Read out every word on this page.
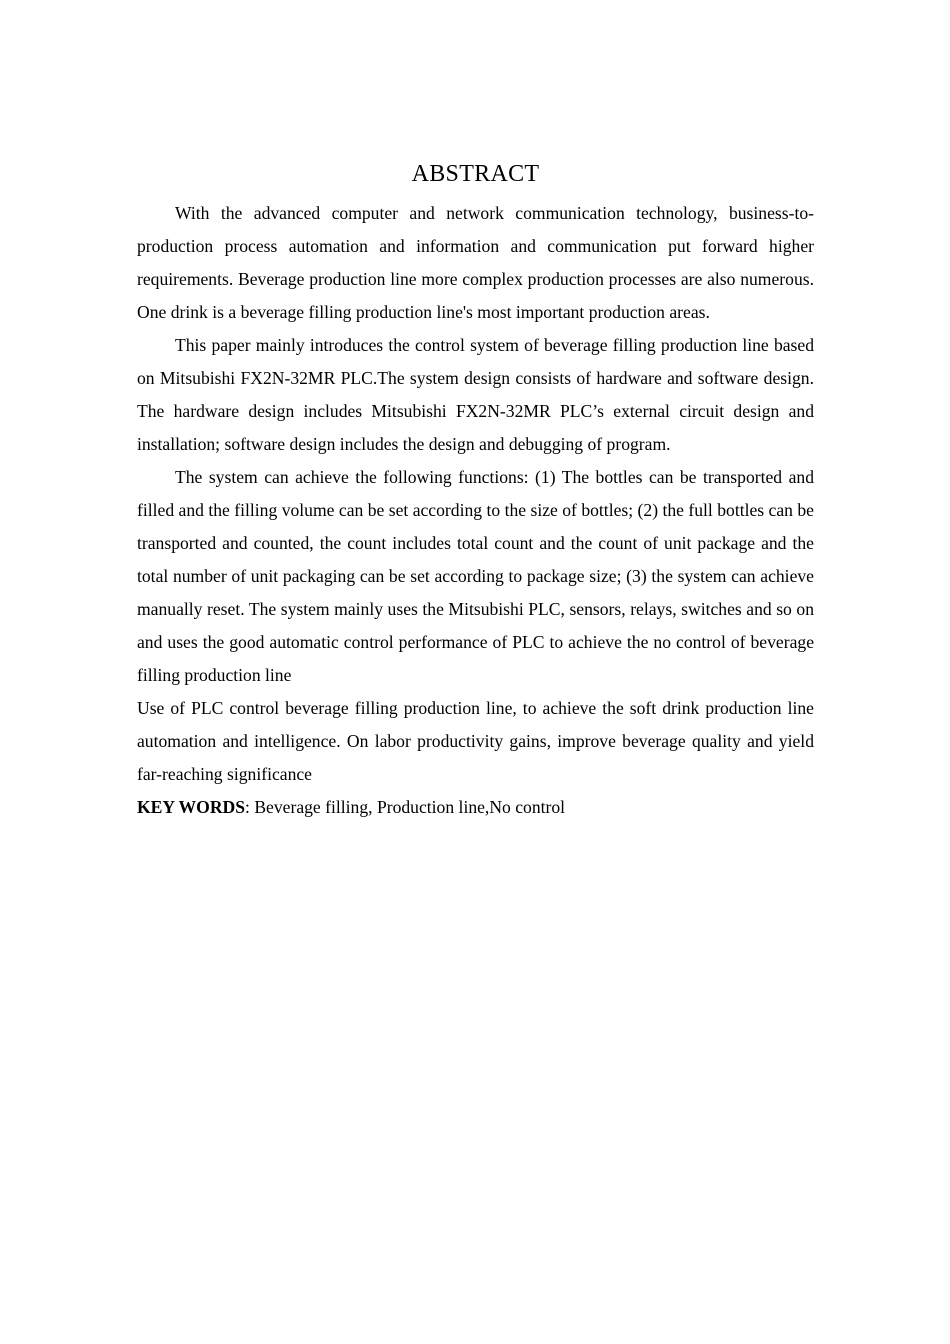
ABSTRACT

With the advanced computer and network communication technology, business-to-production process automation and information and communication put forward higher requirements. Beverage production line more complex production processes are also numerous. One drink is a beverage filling production line's most important production areas.

This paper mainly introduces the control system of beverage filling production line based on Mitsubishi FX2N-32MR PLC.The system design consists of hardware and software design. The hardware design includes Mitsubishi FX2N-32MR PLC’s external circuit design and installation; software design includes the design and debugging of program.

The system can achieve the following functions: (1) The bottles can be transported and filled and the filling volume can be set according to the size of bottles; (2) the full bottles can be transported and counted, the count includes total count and the count of unit package and the total number of unit packaging can be set according to package size; (3) the system can achieve manually reset. The system mainly uses the Mitsubishi PLC, sensors, relays, switches and so on and uses the good automatic control performance of PLC to achieve the no control of beverage filling production line

Use of PLC control beverage filling production line, to achieve the soft drink production line automation and intelligence. On labor productivity gains, improve beverage quality and yield far-reaching significance

KEY WORDS: Beverage filling, Production line,No control
